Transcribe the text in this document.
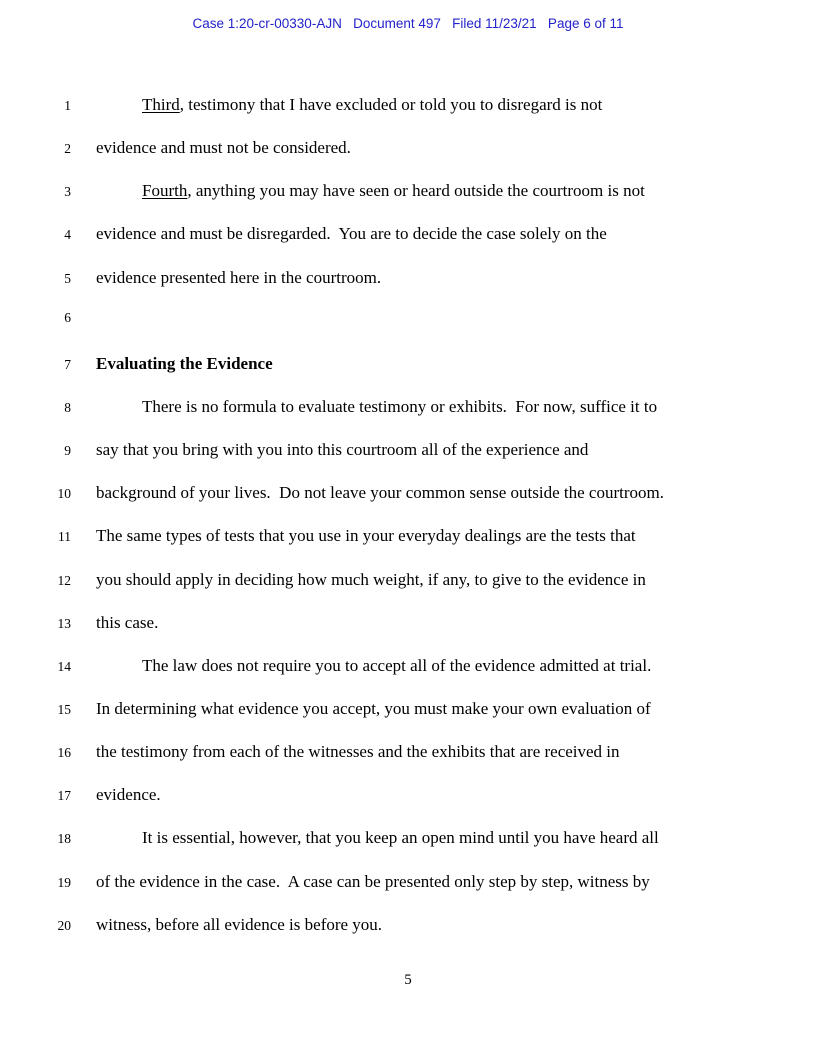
Case 1:20-cr-00330-AJN   Document 497   Filed 11/23/21   Page 6 of 11
1	Third, testimony that I have excluded or told you to disregard is not
2 evidence and must not be considered.
3	Fourth, anything you may have seen or heard outside the courtroom is not
4 evidence and must be disregarded.  You are to decide the case solely on the
5 evidence presented here in the courtroom.
6
7 Evaluating the Evidence
8	There is no formula to evaluate testimony or exhibits.  For now, suffice it to
9 say that you bring with you into this courtroom all of the experience and
10 background of your lives.  Do not leave your common sense outside the courtroom.
11 The same types of tests that you use in your everyday dealings are the tests that
12 you should apply in deciding how much weight, if any, to give to the evidence in
13 this case.
14	The law does not require you to accept all of the evidence admitted at trial.
15 In determining what evidence you accept, you must make your own evaluation of
16 the testimony from each of the witnesses and the exhibits that are received in
17 evidence.
18	It is essential, however, that you keep an open mind until you have heard all
19 of the evidence in the case.  A case can be presented only step by step, witness by
20 witness, before all evidence is before you.
5
